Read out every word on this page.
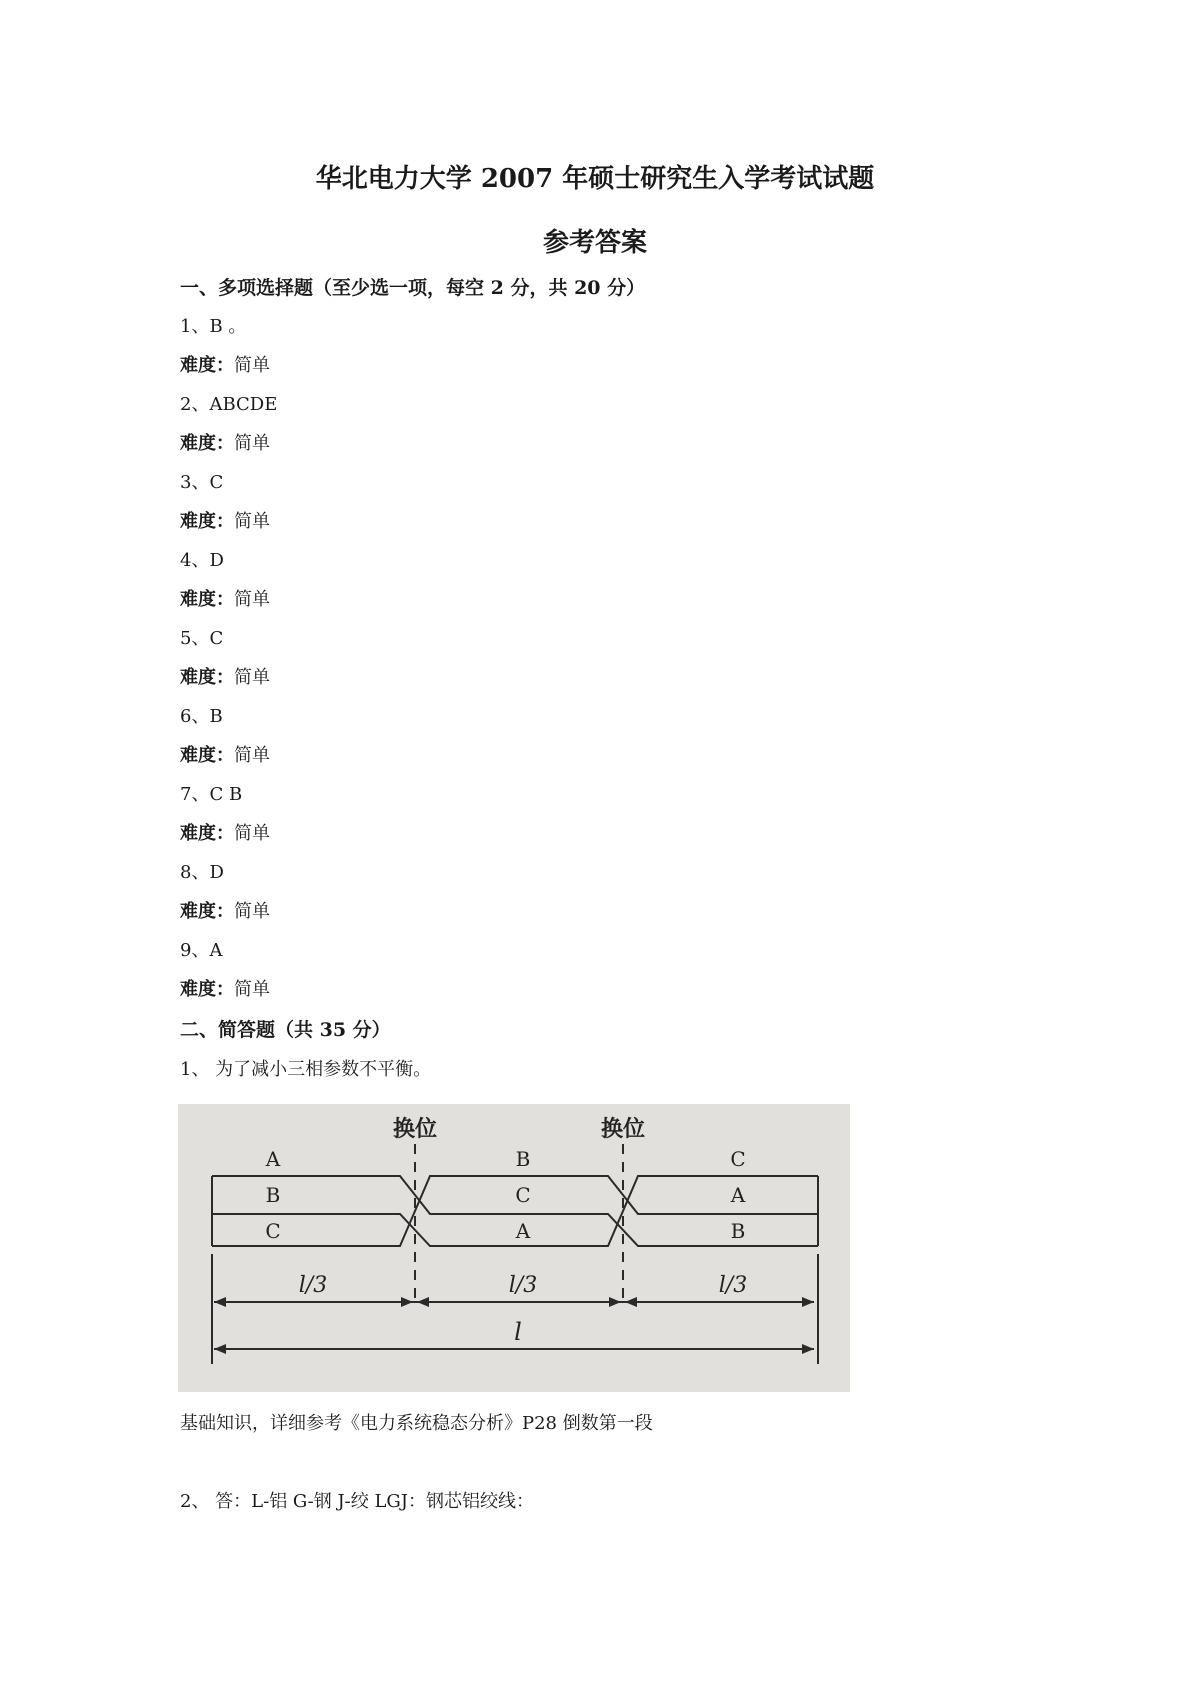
华北电力大学 2007 年硕士研究生入学考试试题
参考答案
一、多项选择题（至少选一项，每空 2 分，共 20 分）
1、B 。
难度：简单
2、ABCDE
难度：简单
3、C
难度：简单
4、D
难度：简单
5、C
难度：简单
6、B
难度：简单
7、C B
难度：简单
8、D
难度：简单
9、A
难度：简单
二、简答题（共 35 分）
1、 为了减小三相参数不平衡。
换位	换位
A
B
C
B
C
A
C
A
B
l/3	l/3	l/3
l
基础知识，详细参考《电力系统稳态分析》P28 倒数第一段
2、 答：L-铝 G-钢 J-绞 LGJ：钢芯铝绞线：
